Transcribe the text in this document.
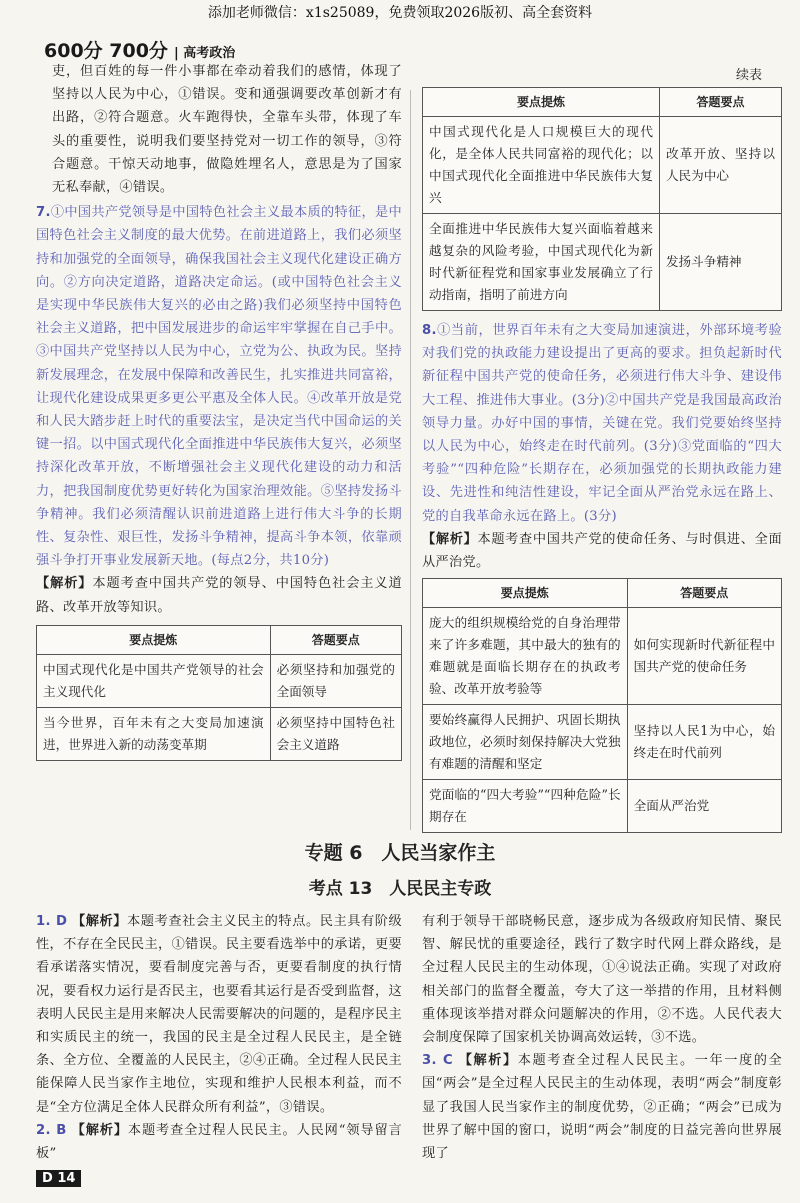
添加老师微信：x1s25089，免费领取2026版初、高全套资料
600分 700分 | 高考政治

吏，但百姓的每一件小事都在牵动着我们的感情，体现了坚持以人民为中心，①错误。变和通强调要改革创新才有出路，②符合题意。火车跑得快，全靠车头带，体现了车头的重要性，说明我们要坚持党对一切工作的领导，③符合题意。干惊天动地事，做隐姓埋名人，意思是为了国家无私奉献，④错误。

7.①中国共产党领导是中国特色社会主义最本质的特征，是中国特色社会主义制度的最大优势。在前进道路上，我们必须坚持和加强党的全面领导，确保我国社会主义现代化建设正确方向。②方向决定道路，道路决定命运。(或中国特色社会主义是实现中华民族伟大复兴的必由之路)我们必须坚持中国特色社会主义道路，把中国发展进步的命运牢牢掌握在自己手中。③中国共产党坚持以人民为中心，立党为公、执政为民。坚持新发展理念，在发展中保障和改善民生，扎实推进共同富裕，让现代化建设成果更多更公平惠及全体人民。④改革开放是党和人民大踏步赶上时代的重要法宝，是决定当代中国命运的关键一招。以中国式现代化全面推进中华民族伟大复兴，必须坚持深化改革开放，不断增强社会主义现代化建设的动力和活力，把我国制度优势更好转化为国家治理效能。⑤坚持发扬斗争精神。我们必须清醒认识前进道路上进行伟大斗争的长期性、复杂性、艰巨性，发扬斗争精神，提高斗争本领，依靠顽强斗争打开事业发展新天地。(每点2分，共10分)

【解析】本题考查中国共产党的领导、中国特色社会主义道路、改革开放等知识。

要点提炼	答题要点
中国式现代化是中国共产党领导的社会主义现代化	必须坚持和加强党的全面领导
当今世界，百年未有之大变局加速演进，世界进入新的动荡变革期	必须坚持中国特色社会主义道路
续表
要点提炼	答题要点
中国式现代化是人口规模巨大的现代化，是全体人民共同富裕的现代化；以中国式现代化全面推进中华民族伟大复兴	改革开放、坚持以人民为中心
全面推进中华民族伟大复兴面临着越来越复杂的风险考验，中国式现代化为新时代新征程党和国家事业发展确立了行动指南，指明了前进方向	发扬斗争精神

8.①当前，世界百年未有之大变局加速演进，外部环境考验对我们党的执政能力建设提出了更高的要求。担负起新时代新征程中国共产党的使命任务，必须进行伟大斗争、建设伟大工程、推进伟大事业。(3分)②中国共产党是我国最高政治领导力量。办好中国的事情，关键在党。我们党要始终坚持以人民为中心，始终走在时代前列。(3分)③党面临的“四大考验”“四种危险”长期存在，必须加强党的长期执政能力建设、先进性和纯洁性建设，牢记全面从严治党永远在路上、党的自我革命永远在路上。(3分)

【解析】本题考查中国共产党的使命任务、与时俱进、全面从严治党。

要点提炼	答题要点
庞大的组织规模给党的自身治理带来了许多难题，其中最大的独有的难题就是面临长期存在的执政考验、改革开放考验等	如何实现新时代新征程中国共产党的使命任务
要始终赢得人民拥护、巩固长期执政地位，必须时刻保持解决大党独有难题的清醒和坚定	坚持以人民1为中心，始终走在时代前列
党面临的“四大考验”“四种危险”长期存在	全面从严治党
专题 6　人民当家作主
考点 13　人民民主专政

1. D 【解析】本题考查社会主义民主的特点。民主具有阶级性，不存在全民民主，①错误。民主要看选举中的承诺，更要看承诺落实情况，要看制度完善与否，更要看制度的执行情况，要看权力运行是否民主，也要看其运行是否受到监督，这表明人民民主是用来解决人民需要解决的问题的，是程序民主和实质民主的统一，我国的民主是全过程人民民主，是全链条、全方位、全覆盖的人民民主，②④正确。全过程人民民主能保障人民当家作主地位，实现和维护人民根本利益，而不是“全方位满足全体人民群众所有利益”，③错误。

2. B 【解析】本题考查全过程人民民主。人民网“领导留言板”

有利于领导干部晓畅民意，逐步成为各级政府知民情、聚民智、解民忧的重要途径，践行了数字时代网上群众路线，是全过程人民民主的生动体现，①④说法正确。实现了对政府相关部门的监督全覆盖，夸大了这一举措的作用，且材料侧重体现该举措对群众问题解决的作用，②不选。人民代表大会制度保障了国家机关协调高效运转，③不选。

3. C 【解析】本题考查全过程人民民主。一年一度的全国“两会”是全过程人民民主的生动体现，表明“两会”制度彰显了我国人民当家作主的制度优势，②正确；“两会”已成为世界了解中国的窗口，说明“两会”制度的日益完善向世界展现了

D 14
